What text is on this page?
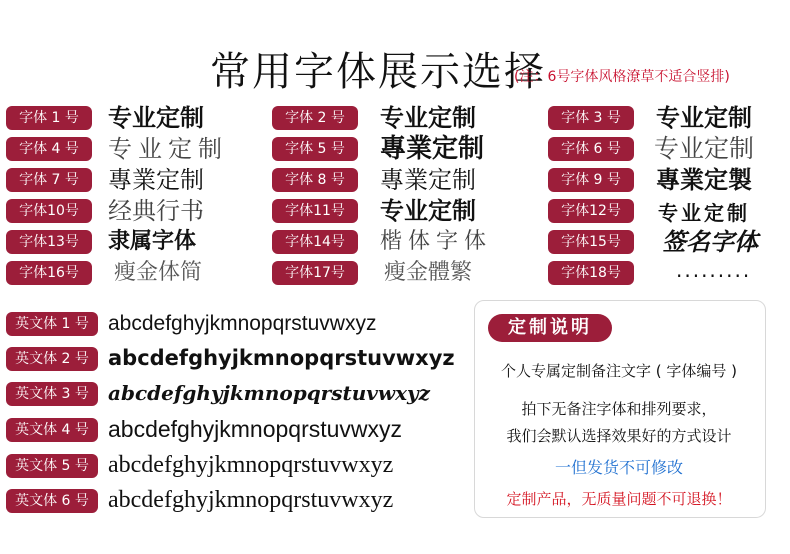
常用字体展示选择
(注：6号字体风格潦草不适合竖排)
字体 1 号	专业定制
字体 4 号	专业定制
字体 7 号	專業定制
字体10号	经典行书
字体13号	隶属字体
字体16号	瘦金体简
字体 2 号	专业定制
字体 5 号	專業定制
字体 8 号	專業定制
字体11号	专业定制
字体14号	楷体字体
字体17号	瘦金體繁
字体 3 号	专业定制
字体 6 号	专业定制
字体 9 号	專業定製
字体12号	专业定制
字体15号	签名字体
字体18号	.........
英文体 1 号 abcdefghyjkmnopqrstuvwxyz
英文体 2 号 abcdefghyjkmnopqrstuvwxyz
英文体 3 号 abcdefghyjkmnopqrstuvwxyz
英文体 4 号 abcdefghyjkmnopqrstuvwxyz
英文体 5 号 abcdefghyjkmnopqrstuvwxyz
英文体 6 号 abcdefghyjkmnopqrstuvwxyz
定制说明
个人专属定制备注文字 ( 字体编号 )
拍下无备注字体和排列要求，
我们会默认选择效果好的方式设计
一但发货不可修改
定制产品，无质量问题不可退换！
